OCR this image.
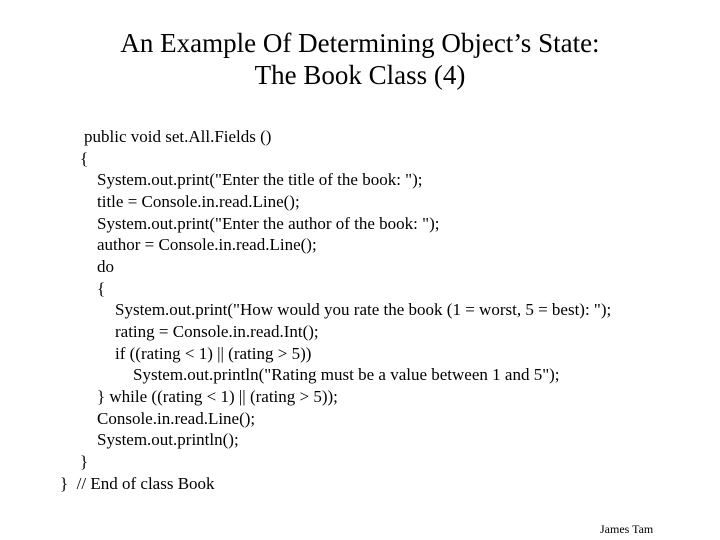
An Example Of Determining Object’s State:
The Book Class (4)
public void set.All.Fields ()
{
System.out.print("Enter the title of the book: ");
title = Console.in.read.Line();
System.out.print("Enter the author of the book: ");
author = Console.in.read.Line();
do
{
System.out.print("How would you rate the book (1 = worst, 5 = best): ");
rating = Console.in.read.Int();
if ((rating < 1) || (rating > 5))
System.out.println("Rating must be a value between 1 and 5");
} while ((rating < 1) || (rating > 5));
Console.in.read.Line();
System.out.println();
}
}  // End of class Book
James Tam
